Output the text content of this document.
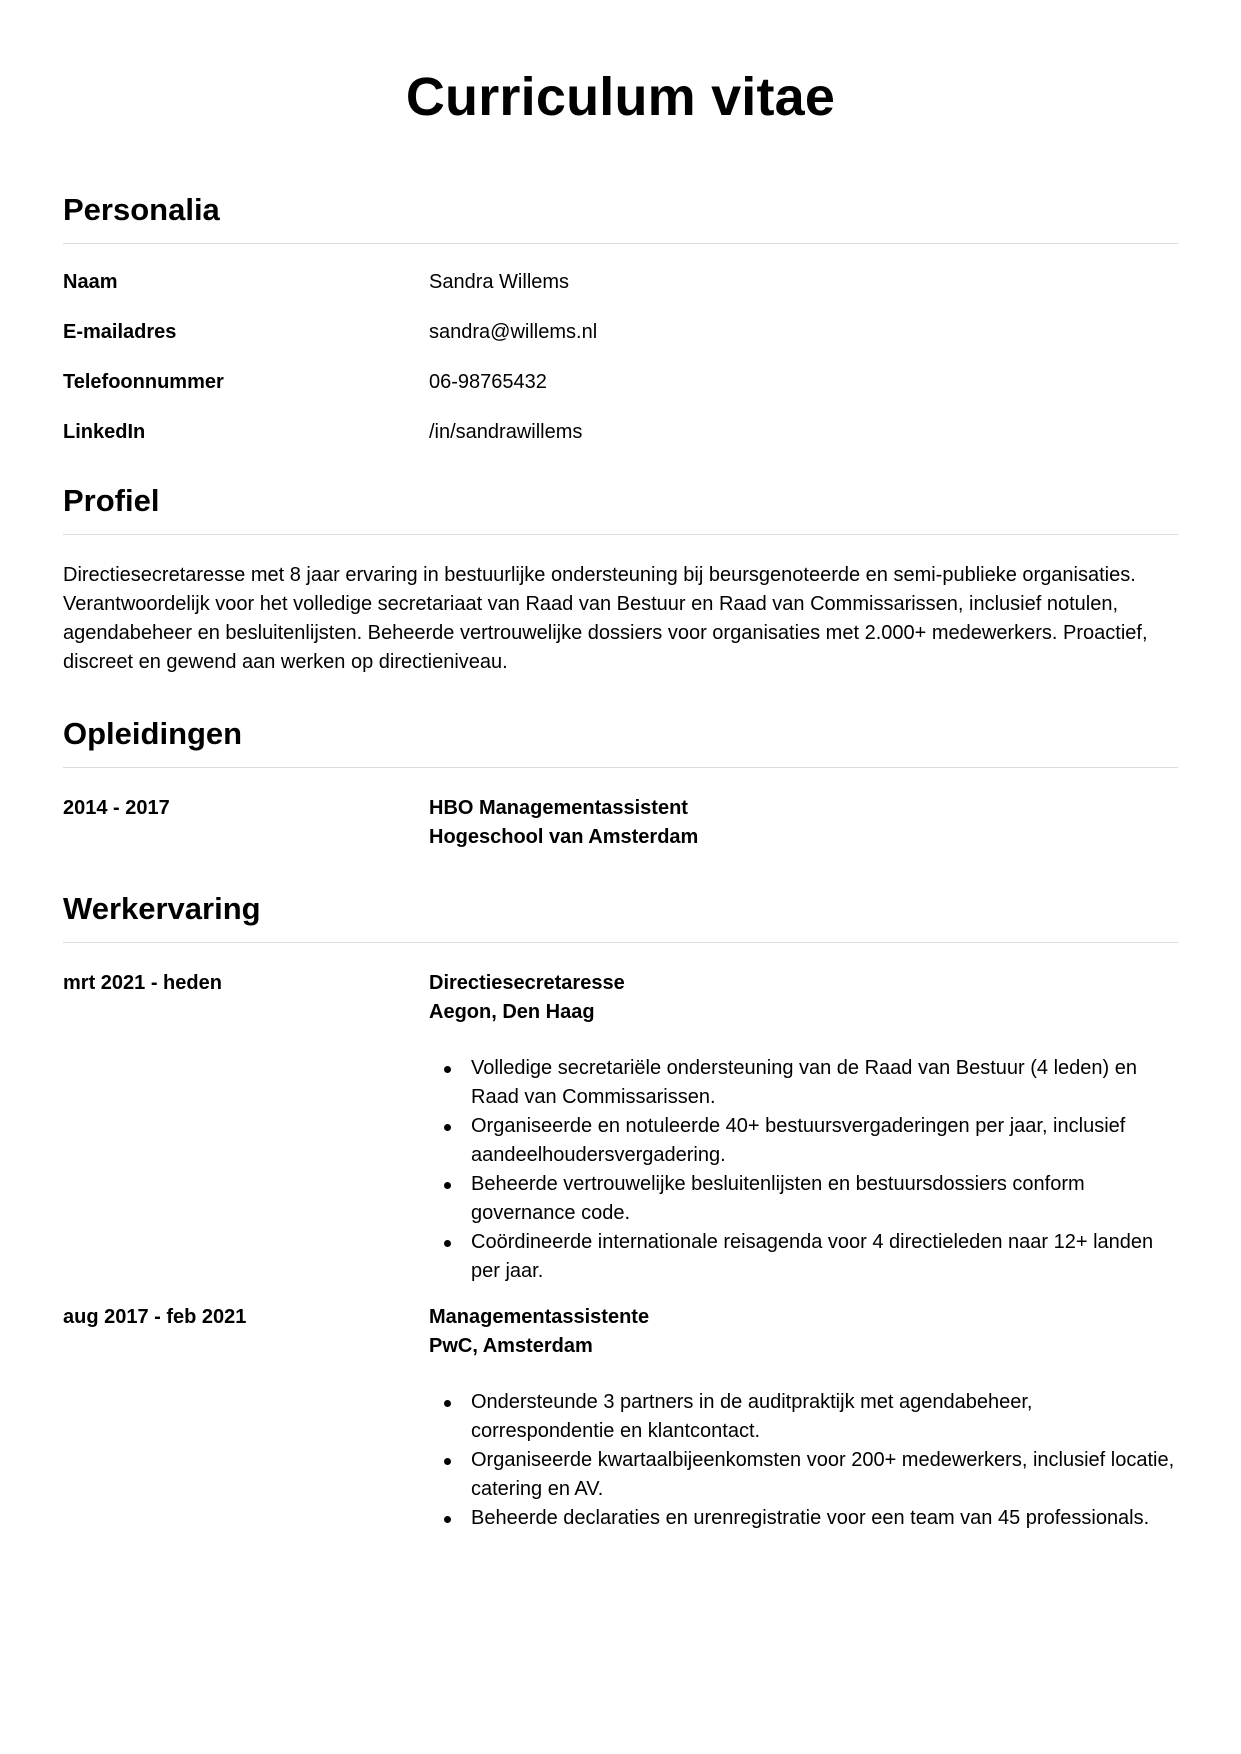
Curriculum vitae
Personalia
Naam	Sandra Willems
E-mailadres	sandra@willems.nl
Telefoonnummer	06-98765432
LinkedIn	/in/sandrawillems
Profiel

Directiesecretaresse met 8 jaar ervaring in bestuurlijke ondersteuning bij beursgenoteerde en semi-publieke organisaties. Verantwoordelijk voor het volledige secretariaat van Raad van Bestuur en Raad van Commissarissen, inclusief notulen, agendabeheer en besluitenlijsten. Beheerde vertrouwelijke dossiers voor organisaties met 2.000+ medewerkers. Proactief, discreet en gewend aan werken op directieniveau.

Opleidingen
2014 - 2017	HBO Managementassistent
Hogeschool van Amsterdam
Werkervaring
mrt 2021 - heden	Directiesecretaresse
Aegon, Den Haag
Volledige secretariële ondersteuning van de Raad van Bestuur (4 leden) en Raad van Commissarissen.
Organiseerde en notuleerde 40+ bestuursvergaderingen per jaar, inclusief aandeelhoudersvergadering.
Beheerde vertrouwelijke besluitenlijsten en bestuursdossiers conform governance code.
Coördineerde internationale reisagenda voor 4 directieleden naar 12+ landen per jaar.
aug 2017 - feb 2021	Managementassistente
PwC, Amsterdam
Ondersteunde 3 partners in de auditpraktijk met agendabeheer, correspondentie en klantcontact.
Organiseerde kwartaalbijeenkomsten voor 200+ medewerkers, inclusief locatie, catering en AV.
Beheerde declaraties en urenregistratie voor een team van 45 professionals.
